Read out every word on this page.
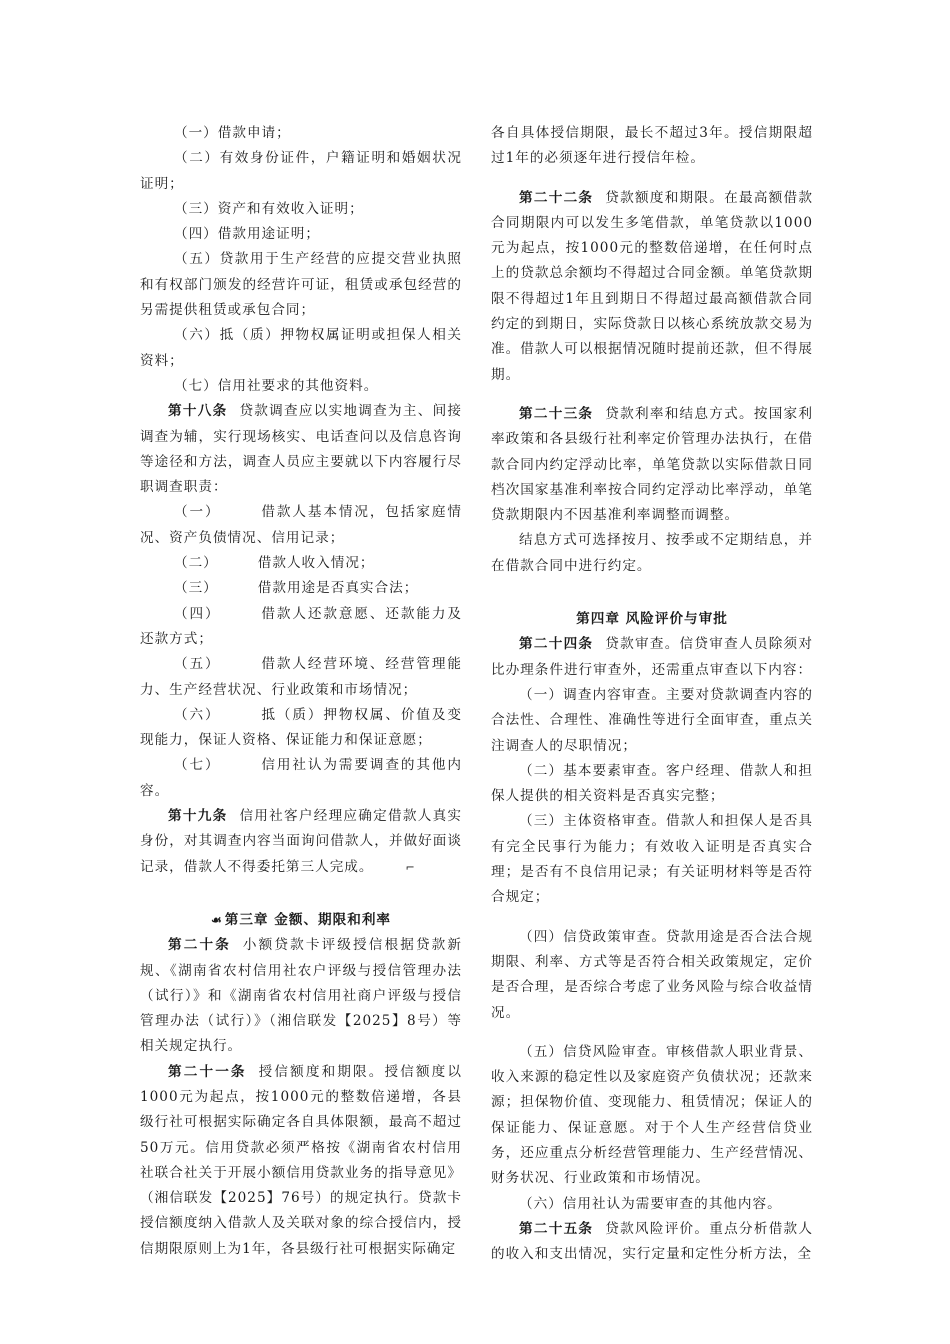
（一）借款申请；

（二）有效身份证件，户籍证明和婚姻状况证明；

（三）资产和有效收入证明；

（四）借款用途证明；

（五）贷款用于生产经营的应提交营业执照和有权部门颁发的经营许可证，租赁或承包经营的另需提供租赁或承包合同；

（六）抵（质）押物权属证明或担保人相关资料；

（七）信用社要求的其他资料。

第十八条 贷款调查应以实地调查为主、间接调查为辅，实行现场核实、电话查问以及信息咨询等途径和方法，调查人员应主要就以下内容履行尽职调查职责：

（一）	借款人基本情况，包括家庭情况、资产负债情况、信用记录；

（二）	借款人收入情况；

（三）	借款用途是否真实合法；

（四）	借款人还款意愿、还款能力及还款方式；

（五）	借款人经营环境、经营管理能力、生产经营状况、行业政策和市场情况；

（六）	抵（质）押物权属、价值及变现能力，保证人资格、保证能力和保证意愿；

（七）	信用社认为需要调查的其他内容。

第十九条 信用社客户经理应确定借款人真实身份，对其调查内容当面询问借款人，并做好面谈记录，借款人不得委托第三人完成。	⌐

☙ 第三章 金额、期限和利率

第二十条 小额贷款卡评级授信根据贷款新规、《湖南省农村信用社农户评级与授信管理办法（试行）》和《湖南省农村信用社商户评级与授信管理办法（试行）》（湘信联发【2025】8号）等相关规定执行。

第二十一条 授信额度和期限。授信额度以1000元为起点，按1000元的整数倍递增，各县级行社可根据实际确定各自具体限额，最高不超过50万元。信用贷款必须严格按《湖南省农村信用社联合社关于开展小额信用贷款业务的指导意见》（湘信联发【2025】76号）的规定执行。贷款卡授信额度纳入借款人及关联对象的综合授信内，授信期限原则上为1年，各县级行社可根据实际确定

各自具体授信期限，最长不超过3年。授信期限超过1年的必须逐年进行授信年检。

第二十二条 贷款额度和期限。在最高额借款合同期限内可以发生多笔借款，单笔贷款以1000元为起点，按1000元的整数倍递增，在任何时点上的贷款总余额均不得超过合同金额。单笔贷款期限不得超过1年且到期日不得超过最高额借款合同约定的到期日，实际贷款日以核心系统放款交易为准。借款人可以根据情况随时提前还款，但不得展期。

第二十三条 贷款利率和结息方式。按国家利率政策和各县级行社利率定价管理办法执行，在借款合同内约定浮动比率，单笔贷款以实际借款日同档次国家基准利率按合同约定浮动比率浮动，单笔贷款期限内不因基准利率调整而调整。

结息方式可选择按月、按季或不定期结息，并在借款合同中进行约定。

第四章 风险评价与审批

第二十四条 贷款审查。信贷审查人员除须对比办理条件进行审查外，还需重点审查以下内容：

（一）调查内容审查。主要对贷款调查内容的合法性、合理性、准确性等进行全面审查，重点关注调查人的尽职情况；

（二）基本要素审查。客户经理、借款人和担保人提供的相关资料是否真实完整；

（三）主体资格审查。借款人和担保人是否具有完全民事行为能力；有效收入证明是否真实合理；是否有不良信用记录；有关证明材料等是否符合规定；

（四）信贷政策审查。贷款用途是否合法合规期限、利率、方式等是否符合相关政策规定，定价是否合理，是否综合考虑了业务风险与综合收益情况。

（五）信贷风险审查。审核借款人职业背景、收入来源的稳定性以及家庭资产负债状况；还款来源；担保物价值、变现能力、租赁情况；保证人的保证能力、保证意愿。对于个人生产经营信贷业务，还应重点分析经营管理能力、生产经营情况、财务状况、行业政策和市场情况。

（六）信用社认为需要审查的其他内容。

第二十五条 贷款风险评价。重点分析借款人的收入和支出情况，实行定量和定性分析方法，全
